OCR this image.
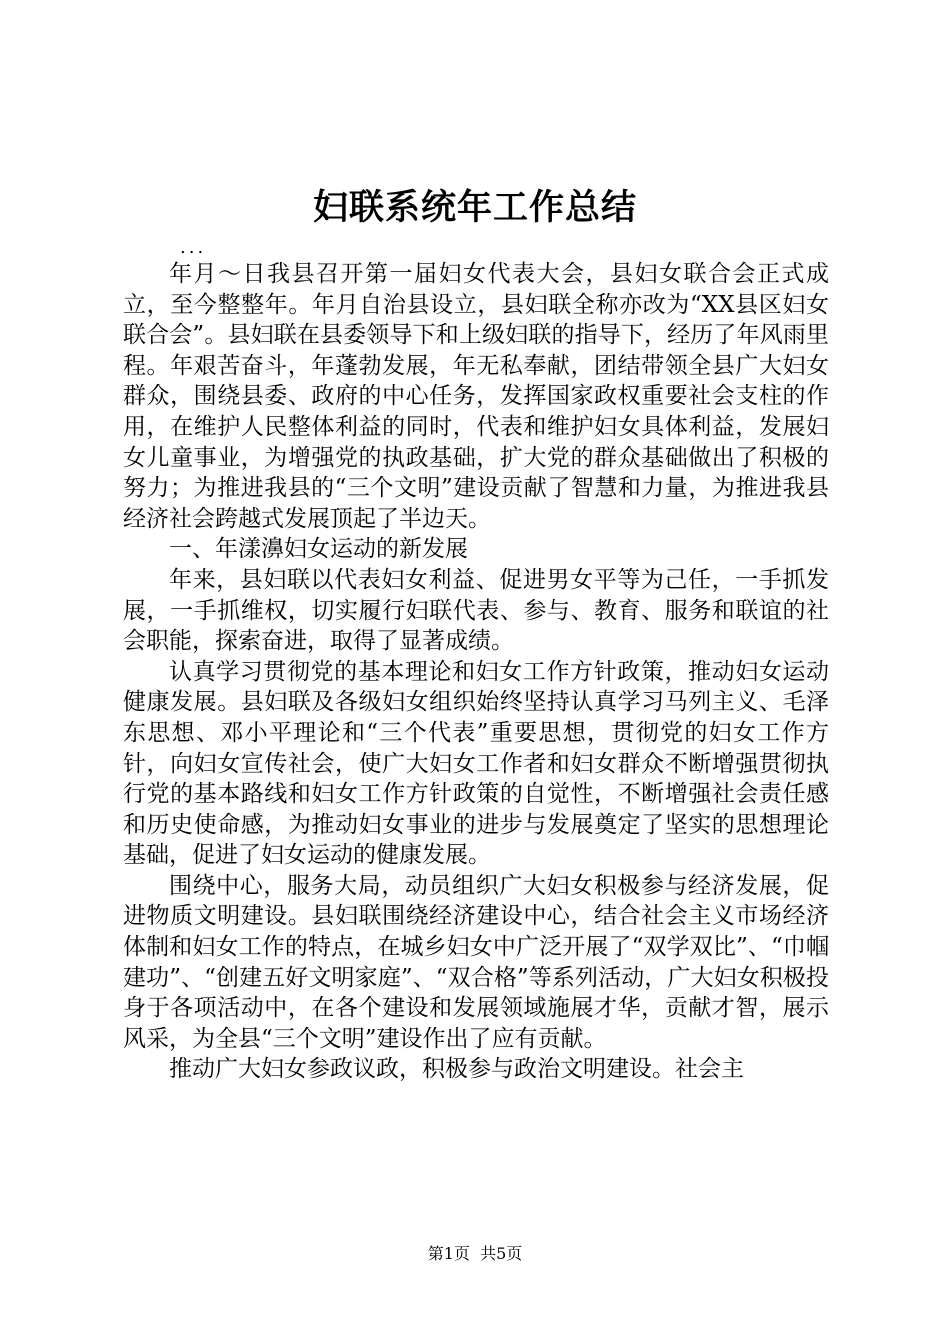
妇联系统年工作总结
...

年月～日我县召开第一届妇女代表大会，县妇女联合会正式成立，至今整整年。年月自治县设立，县妇联全称亦改为“XX县区妇女联合会”。县妇联在县委领导下和上级妇联的指导下，经历了年风雨里程。年艰苦奋斗，年蓬勃发展，年无私奉献，团结带领全县广大妇女群众，围绕县委、政府的中心任务，发挥国家政权重要社会支柱的作用，在维护人民整体利益的同时，代表和维护妇女具体利益，发展妇女儿童事业，为增强党的执政基础，扩大党的群众基础做出了积极的努力；为推进我县的“三个文明”建设贡献了智慧和力量，为推进我县经济社会跨越式发展顶起了半边天。

一、年漾濞妇女运动的新发展

年来，县妇联以代表妇女利益、促进男女平等为己任，一手抓发展，一手抓维权，切实履行妇联代表、参与、教育、服务和联谊的社会职能，探索奋进，取得了显著成绩。

认真学习贯彻党的基本理论和妇女工作方针政策，推动妇女运动健康发展。县妇联及各级妇女组织始终坚持认真学习马列主义、毛泽东思想、邓小平理论和“三个代表”重要思想，贯彻党的妇女工作方针，向妇女宣传社会，使广大妇女工作者和妇女群众不断增强贯彻执行党的基本路线和妇女工作方针政策的自觉性，不断增强社会责任感和历史使命感，为推动妇女事业的进步与发展奠定了坚实的思想理论基础，促进了妇女运动的健康发展。

围绕中心，服务大局，动员组织广大妇女积极参与经济发展，促进物质文明建设。县妇联围绕经济建设中心，结合社会主义市场经济体制和妇女工作的特点，在城乡妇女中广泛开展了“双学双比”、“巾帼建功”、“创建五好文明家庭”、“双合格”等系列活动，广大妇女积极投身于各项活动中，在各个建设和发展领域施展才华，贡献才智，展示风采，为全县“三个文明”建设作出了应有贡献。

推动广大妇女参政议政，积极参与政治文明建设。社会主

第1页 共5页
